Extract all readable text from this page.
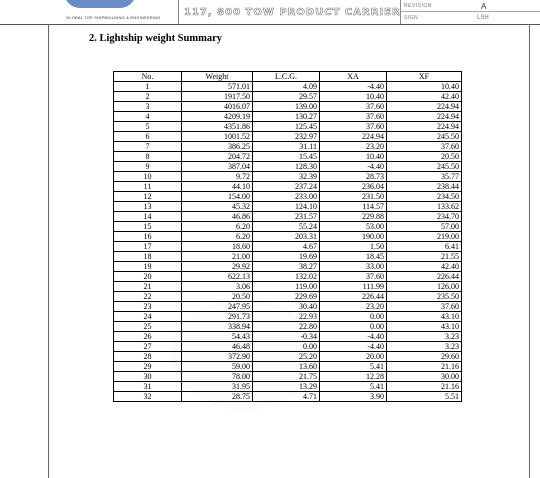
GLOBAL TOP SHIPBUILDING & ENGINEERING 117, 800 TOW PRODUCT CARRIER
REVISION	A
SIGN	LSH
2. Lightship weight Summary
No.	Weight	L.C.G.	XA	XF
1	571.01	4.09	-4.40	10.40
2	1917.50	29.57	10.40	42.40
3	4016.07	139.00	37.60	224.94
4	4209.19	130.27	37.60	224.94
5	4351.86	125.45	37.60	224.94
6	1001.52	232.97	224.94	245.50
7	386.25	31.11	23.20	37.60
8	204.72	15.45	10.40	20.50
9	387.04	128.30	-4.40	245.50
10	9.72	32.39	28.73	35.77
11	44.10	237.24	236.04	238.44
12	154.00	233.00	231.50	234.50
13	45.32	124.10	114.57	133.62
14	46.86	231.57	229.88	234.70
15	6.20	55.24	53.00	57.00
16	6.20	203.31	190.00	219.00
17	18.60	4.67	1.50	6.41
18	21.00	19.69	18.45	21.55
19	29.92	38.27	33.00	42.40
20	622.13	132.02	37.60	226.44
21	3.06	119.00	111.99	126.00
22	20.50	229.69	226.44	235.50
23	247.95	30.40	23.20	37.60
24	291.73	22.93	0.00	43.10
25	338.94	22.80	0.00	43.10
26	54.43	-0.34	-4.40	3.23
27	46.48	0.00	-4.40	3.23
28	372.90	25.20	20.00	29.60
29	59.00	13.60	5.41	21.16
30	78.00	21.75	12.28	30.00
31	31.95	13.29	5.41	21.16
32	28.75	4.71	3.90	5.51
